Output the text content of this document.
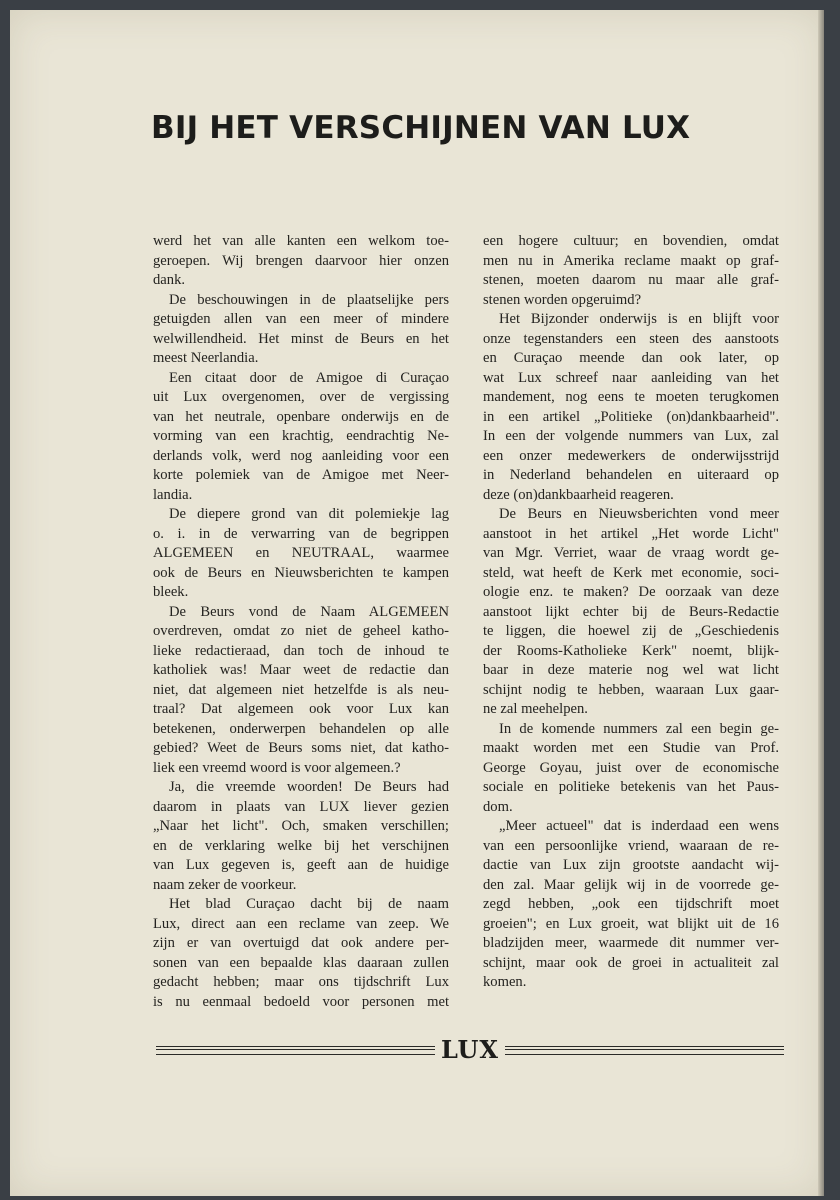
BIJ HET VERSCHIJNEN VAN LUX
werd het van alle kanten een welkom toe-
geroepen. Wij brengen daarvoor hier onzen
dank.
De beschouwingen in de plaatselijke pers
getuigden allen van een meer of mindere
welwillendheid. Het minst de Beurs en het
meest Neerlandia.
Een citaat door de Amigoe di Curaçao
uit Lux overgenomen, over de vergissing
van het neutrale, openbare onderwijs en de
vorming van een krachtig, eendrachtig Ne-
derlands volk, werd nog aanleiding voor een
korte polemiek van de Amigoe met Neer-
landia.
De diepere grond van dit polemiekje lag
o. i. in de verwarring van de begrippen
ALGEMEEN en NEUTRAAL, waarmee
ook de Beurs en Nieuwsberichten te kampen
bleek.
De Beurs vond de Naam ALGEMEEN
overdreven, omdat zo niet de geheel katho-
lieke redactieraad, dan toch de inhoud te
katholiek was! Maar weet de redactie dan
niet, dat algemeen niet hetzelfde is als neu-
traal? Dat algemeen ook voor Lux kan
betekenen, onderwerpen behandelen op alle
gebied? Weet de Beurs soms niet, dat katho-
liek een vreemd woord is voor algemeen.?
Ja, die vreemde woorden! De Beurs had
daarom in plaats van LUX liever gezien
„Naar het licht". Och, smaken verschillen;
en de verklaring welke bij het verschijnen
van Lux gegeven is, geeft aan de huidige
naam zeker de voorkeur.
Het blad Curaçao dacht bij de naam
Lux, direct aan een reclame van zeep. We
zijn er van overtuigd dat ook andere per-
sonen van een bepaalde klas daaraan zullen
gedacht hebben; maar ons tijdschrift Lux
is nu eenmaal bedoeld voor personen met
een hogere cultuur; en bovendien, omdat
men nu in Amerika reclame maakt op graf-
stenen, moeten daarom nu maar alle graf-
stenen worden opgeruimd?
Het Bijzonder onderwijs is en blijft voor
onze tegenstanders een steen des aanstoots
en Curaçao meende dan ook later, op
wat Lux schreef naar aanleiding van het
mandement, nog eens te moeten terugkomen
in een artikel „Politieke (on)dankbaarheid".
In een der volgende nummers van Lux, zal
een onzer medewerkers de onderwijsstrijd
in Nederland behandelen en uiteraard op
deze (on)dankbaarheid reageren.
De Beurs en Nieuwsberichten vond meer
aanstoot in het artikel „Het worde Licht"
van Mgr. Verriet, waar de vraag wordt ge-
steld, wat heeft de Kerk met economie, soci-
ologie enz. te maken? De oorzaak van deze
aanstoot lijkt echter bij de Beurs-Redactie
te liggen, die hoewel zij de „Geschiedenis
der Rooms-Katholieke Kerk" noemt, blijk-
baar in deze materie nog wel wat licht
schijnt nodig te hebben, waaraan Lux gaar-
ne zal meehelpen.
In de komende nummers zal een begin ge-
maakt worden met een Studie van Prof.
George Goyau, juist over de economische
sociale en politieke betekenis van het Paus-
dom.
„Meer actueel" dat is inderdaad een wens
van een persoonlijke vriend, waaraan de re-
dactie van Lux zijn grootste aandacht wij-
den zal. Maar gelijk wij in de voorrede ge-
zegd hebben, „ook een tijdschrift moet
groeien"; en Lux groeit, wat blijkt uit de 16
bladzijden meer, waarmede dit nummer ver-
schijnt, maar ook de groei in actualiteit zal
komen.
LUX
